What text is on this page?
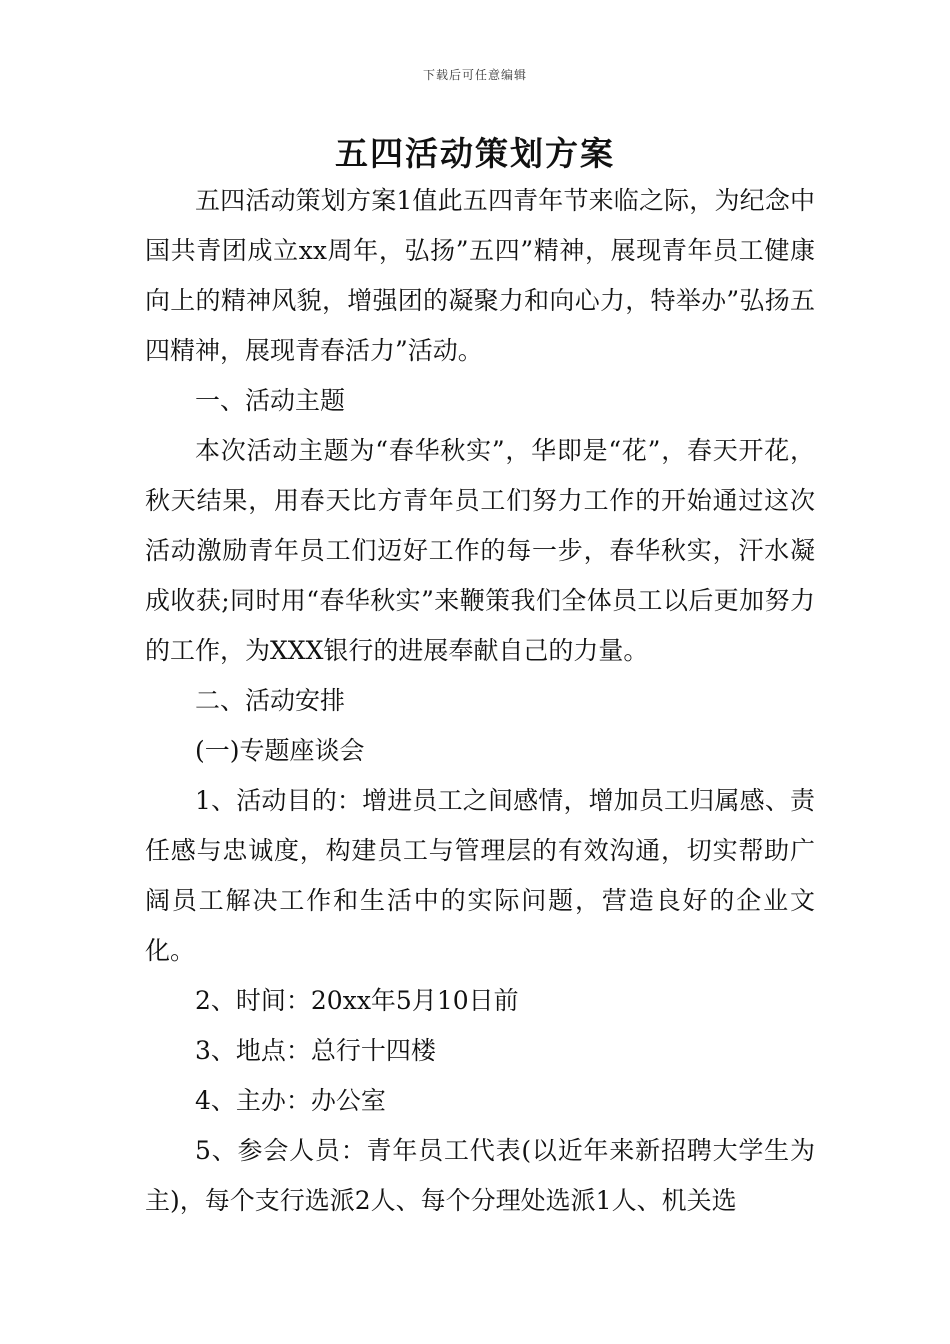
下载后可任意编辑
五四活动策划方案

五四活动策划方案1值此五四青年节来临之际，为纪念中国共青团成立xx周年，弘扬”五四”精神，展现青年员工健康向上的精神风貌，增强团的凝聚力和向心力，特举办”弘扬五四精神，展现青春活力”活动。

一、活动主题

本次活动主题为“春华秋实”，华即是“花”，春天开花，秋天结果，用春天比方青年员工们努力工作的开始通过这次活动激励青年员工们迈好工作的每一步，春华秋实，汗水凝成收获;同时用“春华秋实”来鞭策我们全体员工以后更加努力的工作，为XXX银行的进展奉献自己的力量。

二、活动安排

(一)专题座谈会

1、活动目的：增进员工之间感情，增加员工归属感、责任感与忠诚度，构建员工与管理层的有效沟通，切实帮助广阔员工解决工作和生活中的实际问题，营造良好的企业文化。

2、时间：20xx年5月10日前

3、地点：总行十四楼

4、主办：办公室

5、参会人员：青年员工代表(以近年来新招聘大学生为主)，每个支行选派2人、每个分理处选派1人、机关选
